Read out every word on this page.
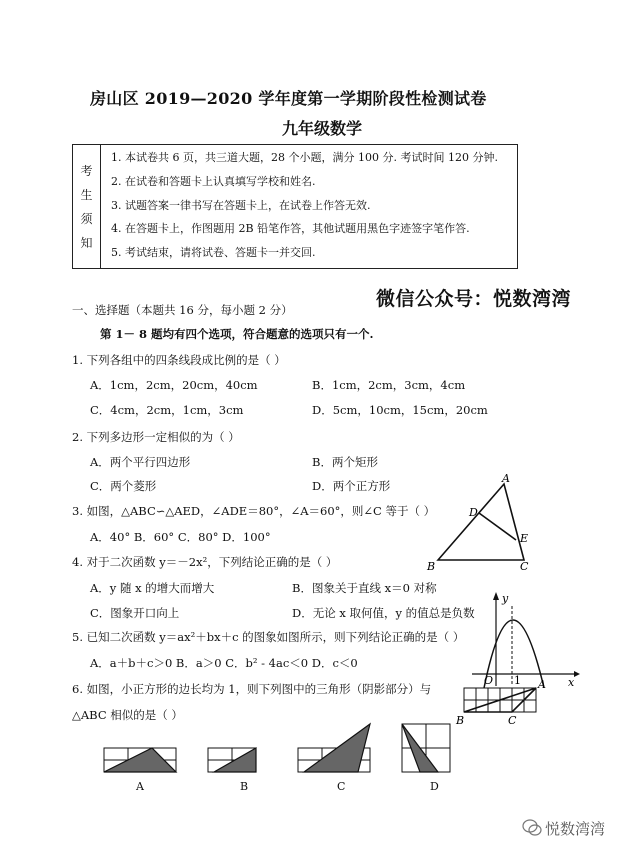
房山区 2019—2020 学年度第一学期阶段性检测试卷
九年级数学
考
生
须
知
1. 本试卷共 6 页，共三道大题，28 个小题，满分 100 分. 考试时间 120 分钟.
2. 在试卷和答题卡上认真填写学校和姓名.
3. 试题答案一律书写在答题卡上，在试卷上作答无效.
4. 在答题卡上，作图题用 2B 铅笔作答，其他试题用黑色字迹签字笔作答.
5. 考试结束，请将试卷、答题卡一并交回.
微信公众号：悦数湾湾
一、选择题（本题共 16 分，每小题 2 分）
第 1－ 8 题均有四个选项，符合题意的选项只有一个.
1. 下列各组中的四条线段成比例的是（ ）
A．1cm，2cm，20cm，40cm	B．1cm，2cm，3cm，4cm
C．4cm，2cm，1cm，3cm	D．5cm，10cm，15cm，20cm
2. 下列多边形一定相似的为（ ）
A．两个平行四边形	B．两个矩形
C．两个菱形	D．两个正方形
3. 如图，△ABC∽△AED，∠ADE＝80°，∠A＝60°，则∠C 等于（ ）
A．40° B．60° C．80° D．100°
A
D
E
B	C
4. 对于二次函数 y＝－2x²，下列结论正确的是（ ）
A．y 随 x 的增大而增大	B．图象关于直线 x＝0 对称
C．图象开口向上	D．无论 x 取何值，y 的值总是负数
y
x
O 1
5. 已知二次函数 y＝ax²＋bx＋c 的图象如图所示，则下列结论正确的是（ ）
A．a＋b＋c＞0 B．a＞0 C．b² - 4ac＜0 D．c＜0
6. 如图，小正方形的边长均为 1，则下列图中的三角形（阴影部分）与
△ABC 相似的是（ ）
A
B	C
A	B	C	D
悦数湾湾
